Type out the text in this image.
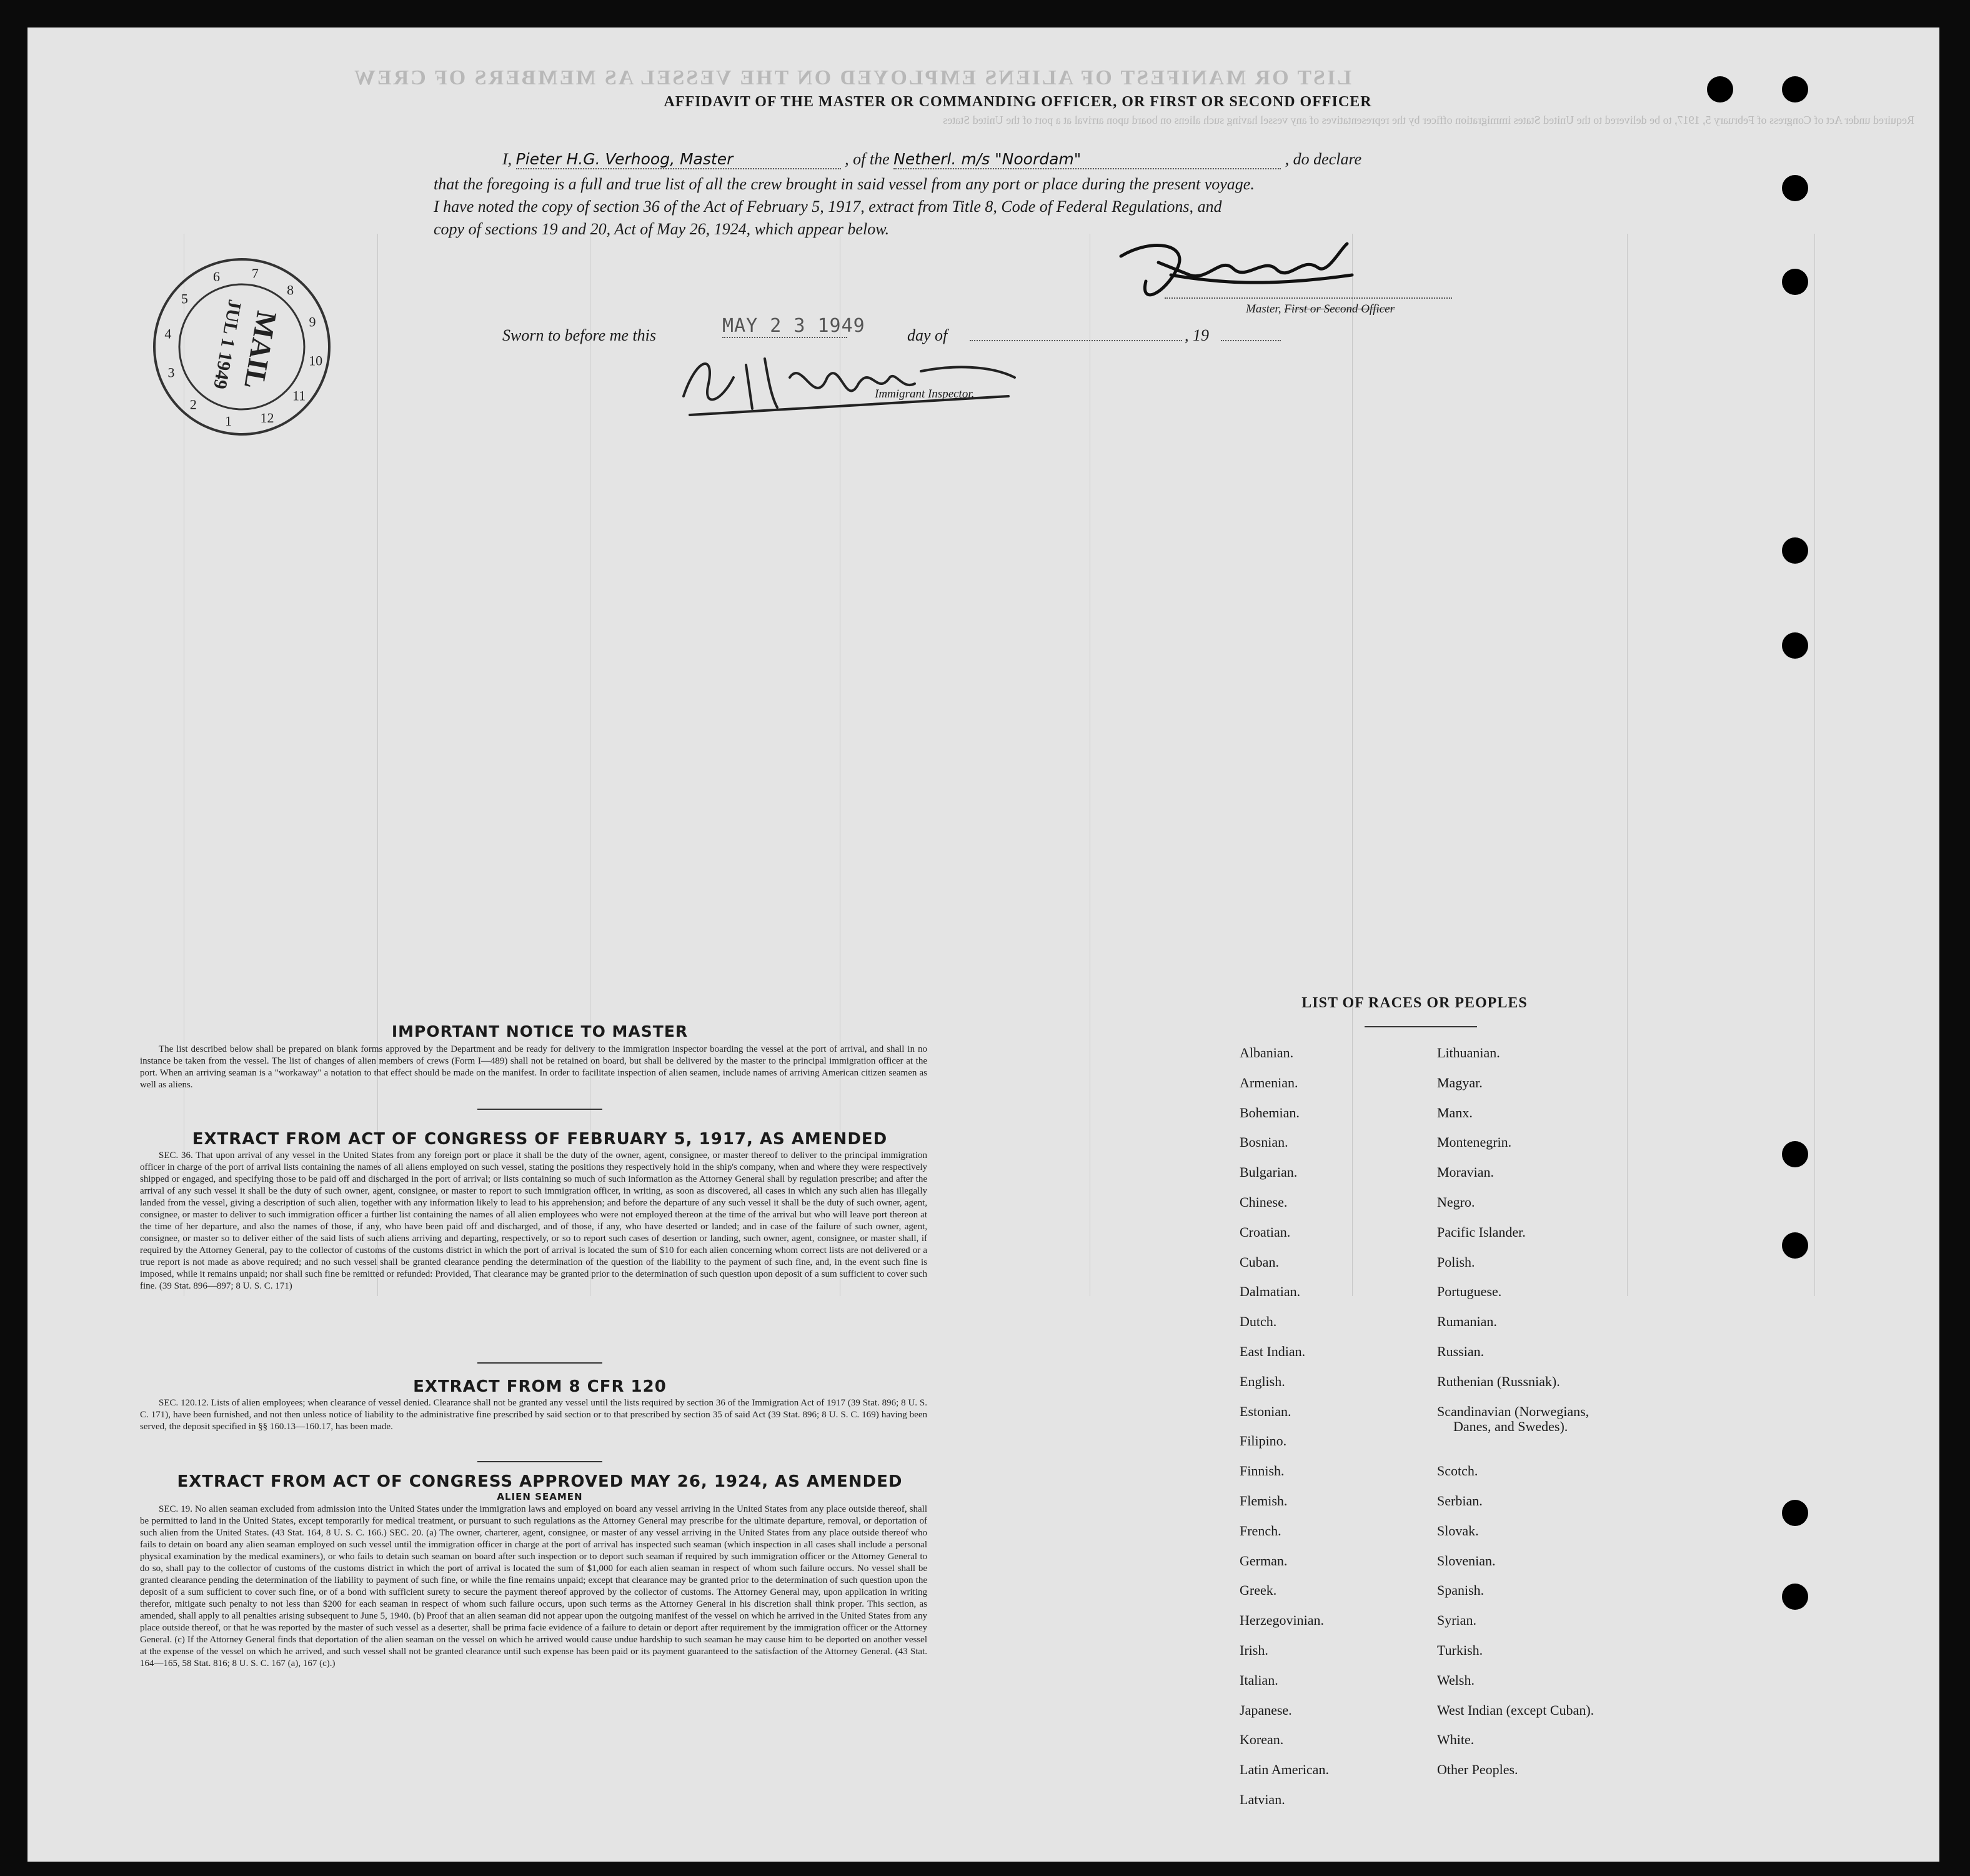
LIST OR MANIFEST OF ALIENS EMPLOYED ON THE VESSEL AS MEMBERS OF CREW
Required under Act of Congress of February 5, 1917, to be delivered to the United States immigration officer by the representatives of any vessel having such aliens on board upon arrival at a port of the United States
AFFIDAVIT OF THE MASTER OR COMMANDING OFFICER, OR FIRST OR SECOND OFFICER
I, Pieter H.G. Verhoog, Master	, of the Netherl. m/s "Noordam"	, do declare
that the foregoing is a full and true list of all the crew brought in said vessel from any port or place during the present voyage.
I have noted the copy of section 36 of the Act of February 5, 1917, extract from Title 8, Code of Federal Regulations, and
copy of sections 19 and 20, Act of May 26, 1924, which appear below.
Master, First or Second Officer
Sworn to before me this	MAY 2 3 1949	day of	, 19
Immigrant Inspector.
MAIL
JUL 1 1949
1
2
3
4
5
6 7
8
9
10
11
12
IMPORTANT NOTICE TO MASTER
The list described below shall be prepared on blank forms approved by the Department and be ready for delivery to the immigration inspector boarding the vessel at the port of arrival, and shall in no instance be taken from the vessel. The list of changes of alien members of crews (Form I—489) shall not be retained on board, but shall be delivered by the master to the principal immigration officer at the port. When an arriving seaman is a "workaway" a notation to that effect should be made on the manifest. In order to facilitate inspection of alien seamen, include names of arriving American citizen seamen as well as aliens.
EXTRACT FROM ACT OF CONGRESS OF FEBRUARY 5, 1917, AS AMENDED
SEC. 36. That upon arrival of any vessel in the United States from any foreign port or place it shall be the duty of the owner, agent, consignee, or master thereof to deliver to the principal immigration officer in charge of the port of arrival lists containing the names of all aliens employed on such vessel, stating the positions they respectively hold in the ship's company, when and where they were respectively shipped or engaged, and specifying those to be paid off and discharged in the port of arrival; or lists containing so much of such information as the Attorney General shall by regulation prescribe; and after the arrival of any such vessel it shall be the duty of such owner, agent, consignee, or master to report to such immigration officer, in writing, as soon as discovered, all cases in which any such alien has illegally landed from the vessel, giving a description of such alien, together with any information likely to lead to his apprehension; and before the departure of any such vessel it shall be the duty of such owner, agent, consignee, or master to deliver to such immigration officer a further list containing the names of all alien employees who were not employed thereon at the time of the arrival but who will leave port thereon at the time of her departure, and also the names of those, if any, who have been paid off and discharged, and of those, if any, who have deserted or landed; and in case of the failure of such owner, agent, consignee, or master so to deliver either of the said lists of such aliens arriving and departing, respectively, or so to report such cases of desertion or landing, such owner, agent, consignee, or master shall, if required by the Attorney General, pay to the collector of customs of the customs district in which the port of arrival is located the sum of $10 for each alien concerning whom correct lists are not delivered or a true report is not made as above required; and no such vessel shall be granted clearance pending the determination of the question of the liability to the payment of such fine, and, in the event such fine is imposed, while it remains unpaid; nor shall such fine be remitted or refunded: Provided, That clearance may be granted prior to the determination of such question upon deposit of a sum sufficient to cover such fine. (39 Stat. 896—897; 8 U. S. C. 171)
EXTRACT FROM 8 CFR 120
SEC. 120.12. Lists of alien employees; when clearance of vessel denied. Clearance shall not be granted any vessel until the lists required by section 36 of the Immigration Act of 1917 (39 Stat. 896; 8 U. S. C. 171), have been furnished, and not then unless notice of liability to the administrative fine prescribed by said section or to that prescribed by section 35 of said Act (39 Stat. 896; 8 U. S. C. 169) having been served, the deposit specified in §§ 160.13—160.17, has been made.
EXTRACT FROM ACT OF CONGRESS APPROVED MAY 26, 1924, AS AMENDED
ALIEN SEAMEN
SEC. 19. No alien seaman excluded from admission into the United States under the immigration laws and employed on board any vessel arriving in the United States from any place outside thereof, shall be permitted to land in the United States, except temporarily for medical treatment, or pursuant to such regulations as the Attorney General may prescribe for the ultimate departure, removal, or deportation of such alien from the United States. (43 Stat. 164, 8 U. S. C. 166.) SEC. 20. (a) The owner, charterer, agent, consignee, or master of any vessel arriving in the United States from any place outside thereof who fails to detain on board any alien seaman employed on such vessel until the immigration officer in charge at the port of arrival has inspected such seaman (which inspection in all cases shall include a personal physical examination by the medical examiners), or who fails to detain such seaman on board after such inspection or to deport such seaman if required by such immigration officer or the Attorney General to do so, shall pay to the collector of customs of the customs district in which the port of arrival is located the sum of $1,000 for each alien seaman in respect of whom such failure occurs. No vessel shall be granted clearance pending the determination of the liability to payment of such fine, or while the fine remains unpaid; except that clearance may be granted prior to the determination of such question upon the deposit of a sum sufficient to cover such fine, or of a bond with sufficient surety to secure the payment thereof approved by the collector of customs. The Attorney General may, upon application in writing therefor, mitigate such penalty to not less than $200 for each seaman in respect of whom such failure occurs, upon such terms as the Attorney General in his discretion shall think proper. This section, as amended, shall apply to all penalties arising subsequent to June 5, 1940. (b) Proof that an alien seaman did not appear upon the outgoing manifest of the vessel on which he arrived in the United States from any place outside thereof, or that he was reported by the master of such vessel as a deserter, shall be prima facie evidence of a failure to detain or deport after requirement by the immigration officer or the Attorney General. (c) If the Attorney General finds that deportation of the alien seaman on the vessel on which he arrived would cause undue hardship to such seaman he may cause him to be deported on another vessel at the expense of the vessel on which he arrived, and such vessel shall not be granted clearance until such expense has been paid or its payment guaranteed to the satisfaction of the Attorney General. (43 Stat. 164—165, 58 Stat. 816; 8 U. S. C. 167 (a), 167 (c).)
LIST OF RACES OR PEOPLES
Albanian.
Armenian.
Bohemian.
Bosnian.
Bulgarian.
Chinese.
Croatian.
Cuban.
Dalmatian.
Dutch.
East Indian.
English.
Estonian.
Filipino.
Finnish.
Flemish.
French.
German.
Greek.
Herzegovinian.
Irish.
Italian.
Japanese.
Korean.
Latin American.
Latvian.
Lithuanian.
Magyar.
Manx.
Montenegrin.
Moravian.
Negro.
Pacific Islander.
Polish.
Portuguese.
Rumanian.
Russian.
Ruthenian (Russniak).
Scandinavian (Norwegians,
Danes, and Swedes).
Scotch.
Serbian.
Slovak.
Slovenian.
Spanish.
Syrian.
Turkish.
Welsh.
West Indian (except Cuban).
White.
Other Peoples.
